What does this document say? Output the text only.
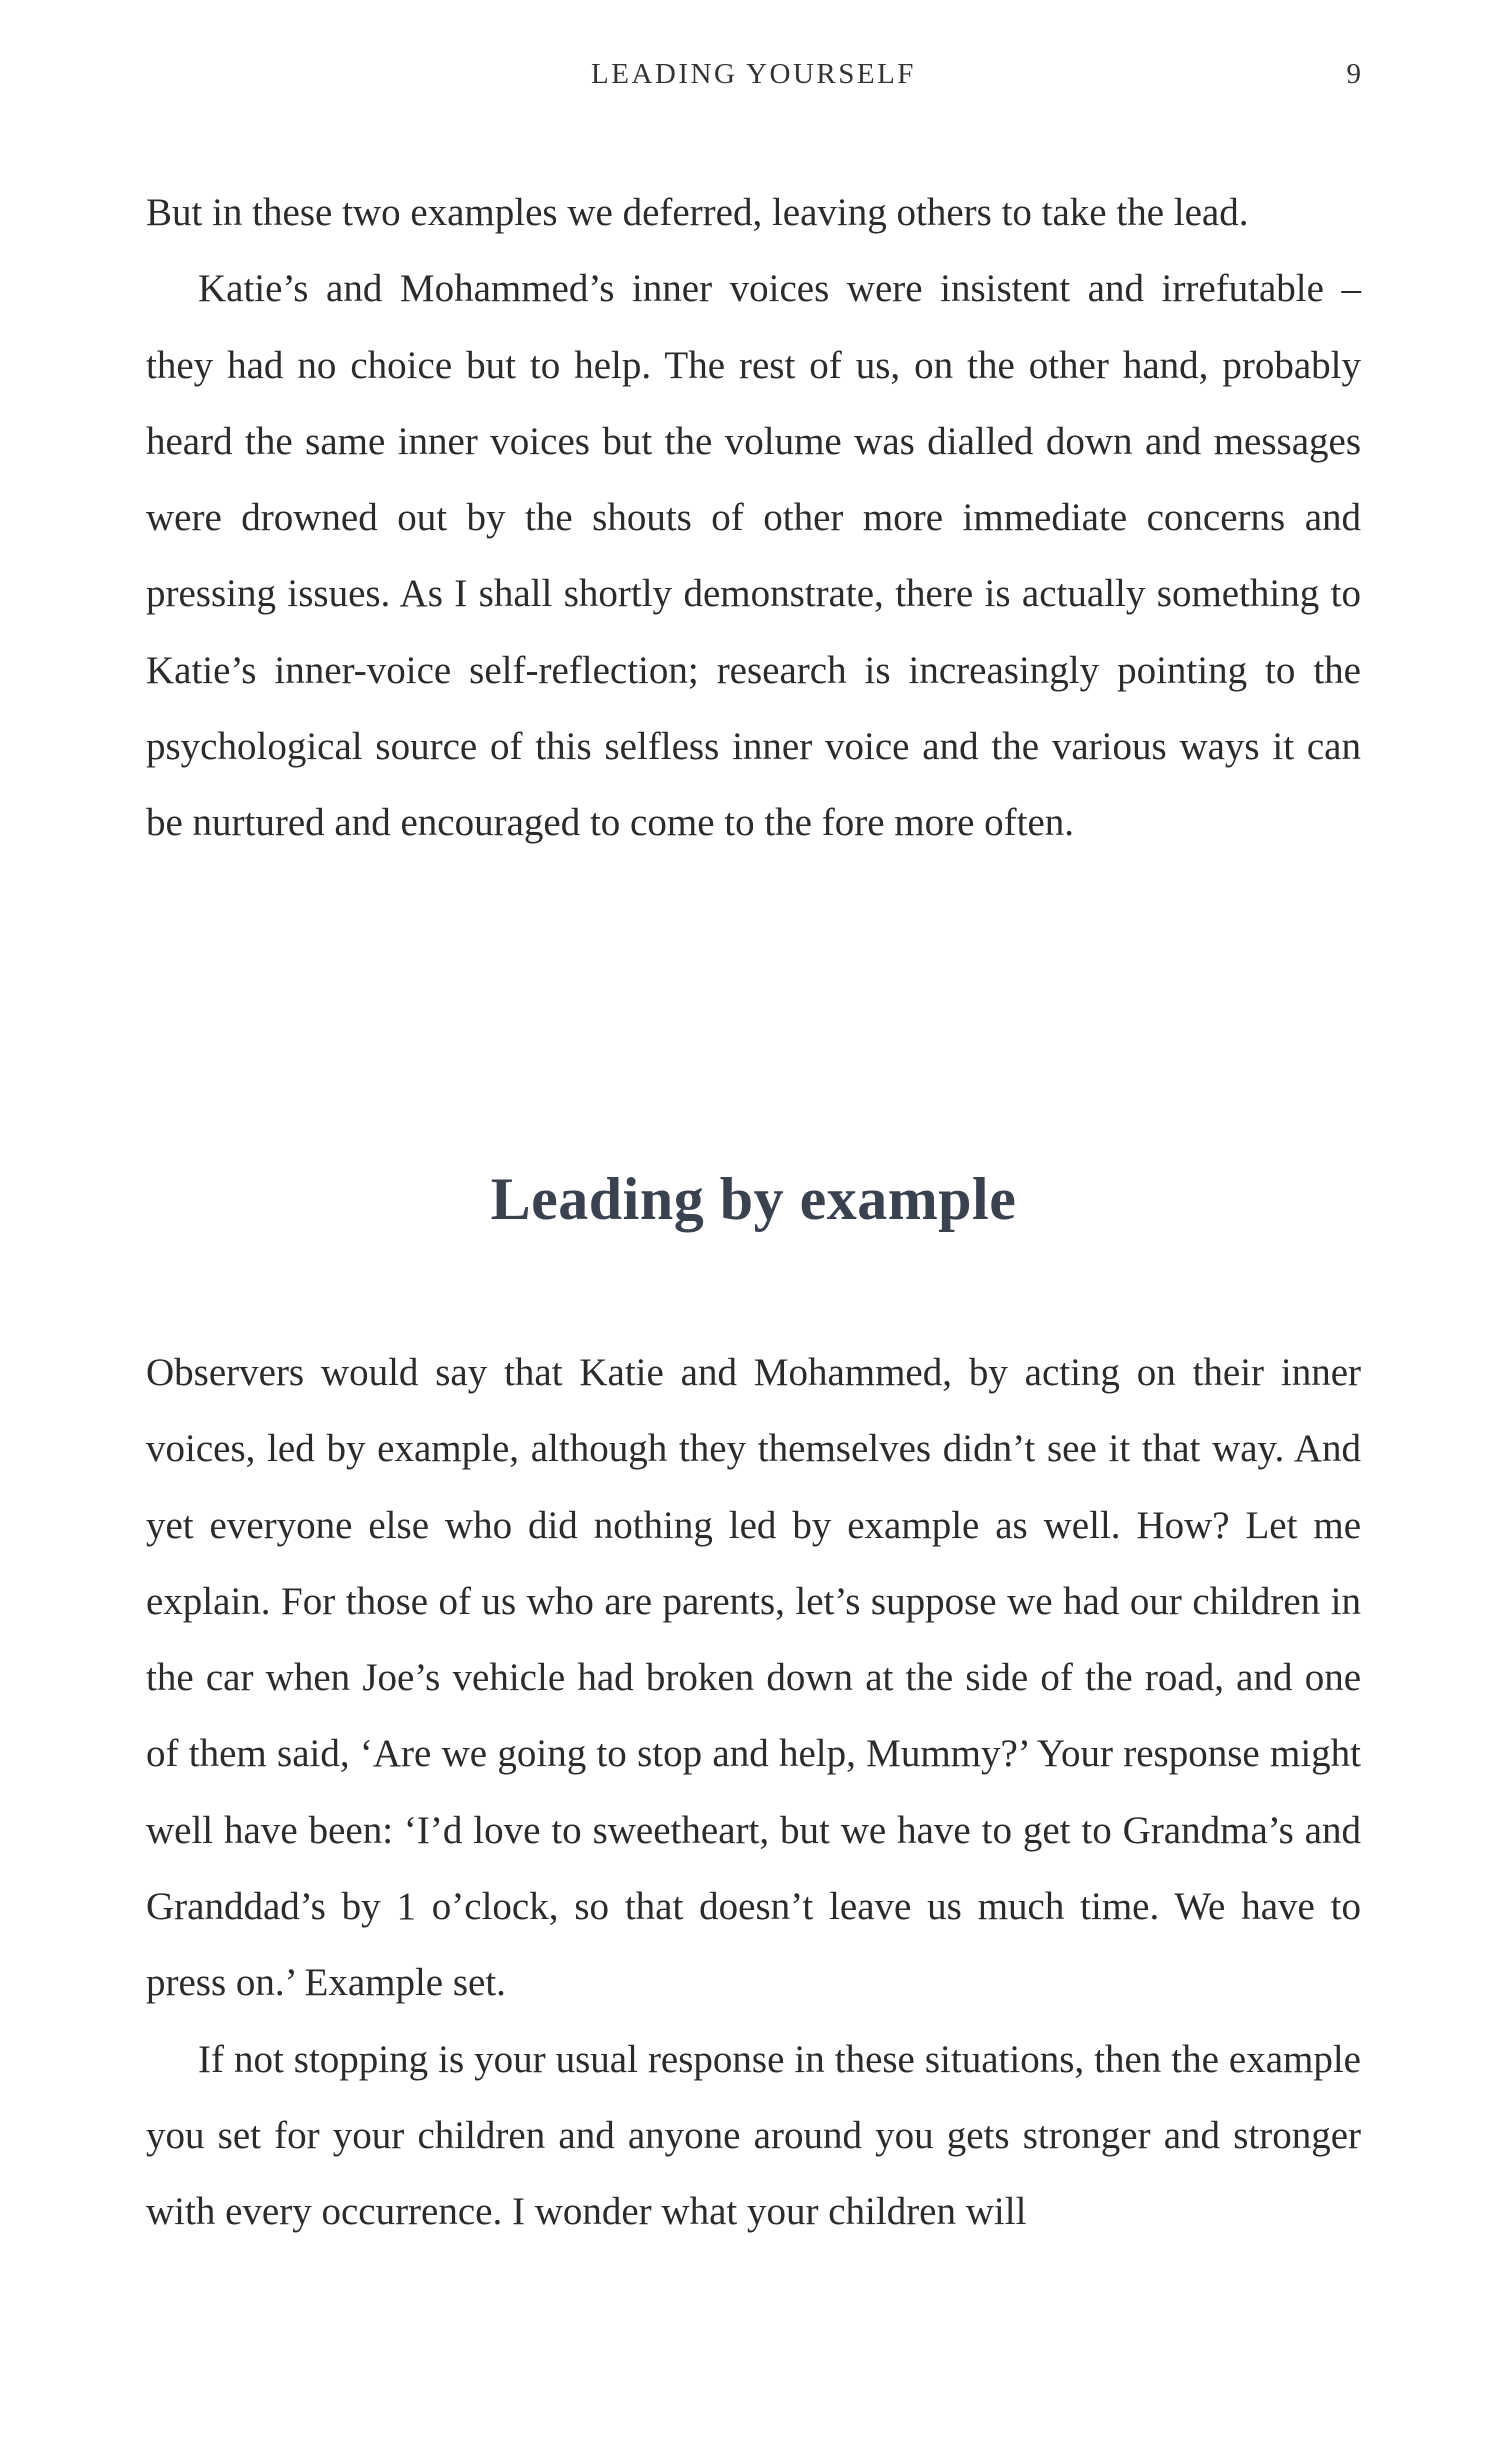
LEADING YOURSELF	9

But in these two examples we deferred, leaving others to take the lead.

Katie’s and Mohammed’s inner voices were insistent and irrefutable – they had no choice but to help. The rest of us, on the other hand, probably heard the same inner voices but the volume was dialled down and messages were drowned out by the shouts of other more immediate concerns and pressing issues. As I shall shortly demonstrate, there is actually something to Katie’s inner-voice self-reflection; research is increasingly pointing to the psychological source of this selfless inner voice and the various ways it can be nurtured and encouraged to come to the fore more often.

Leading by example

Observers would say that Katie and Mohammed, by acting on their inner voices, led by example, although they themselves didn’t see it that way. And yet everyone else who did nothing led by example as well. How? Let me explain. For those of us who are parents, let’s suppose we had our children in the car when Joe’s vehicle had broken down at the side of the road, and one of them said, ‘Are we going to stop and help, Mummy?’ Your response might well have been: ‘I’d love to sweetheart, but we have to get to Grandma’s and Granddad’s by 1 o’clock, so that doesn’t leave us much time. We have to press on.’ Example set.

If not stopping is your usual response in these situations, then the example you set for your children and anyone around you gets stronger and stronger with every occurrence. I wonder what your children will
